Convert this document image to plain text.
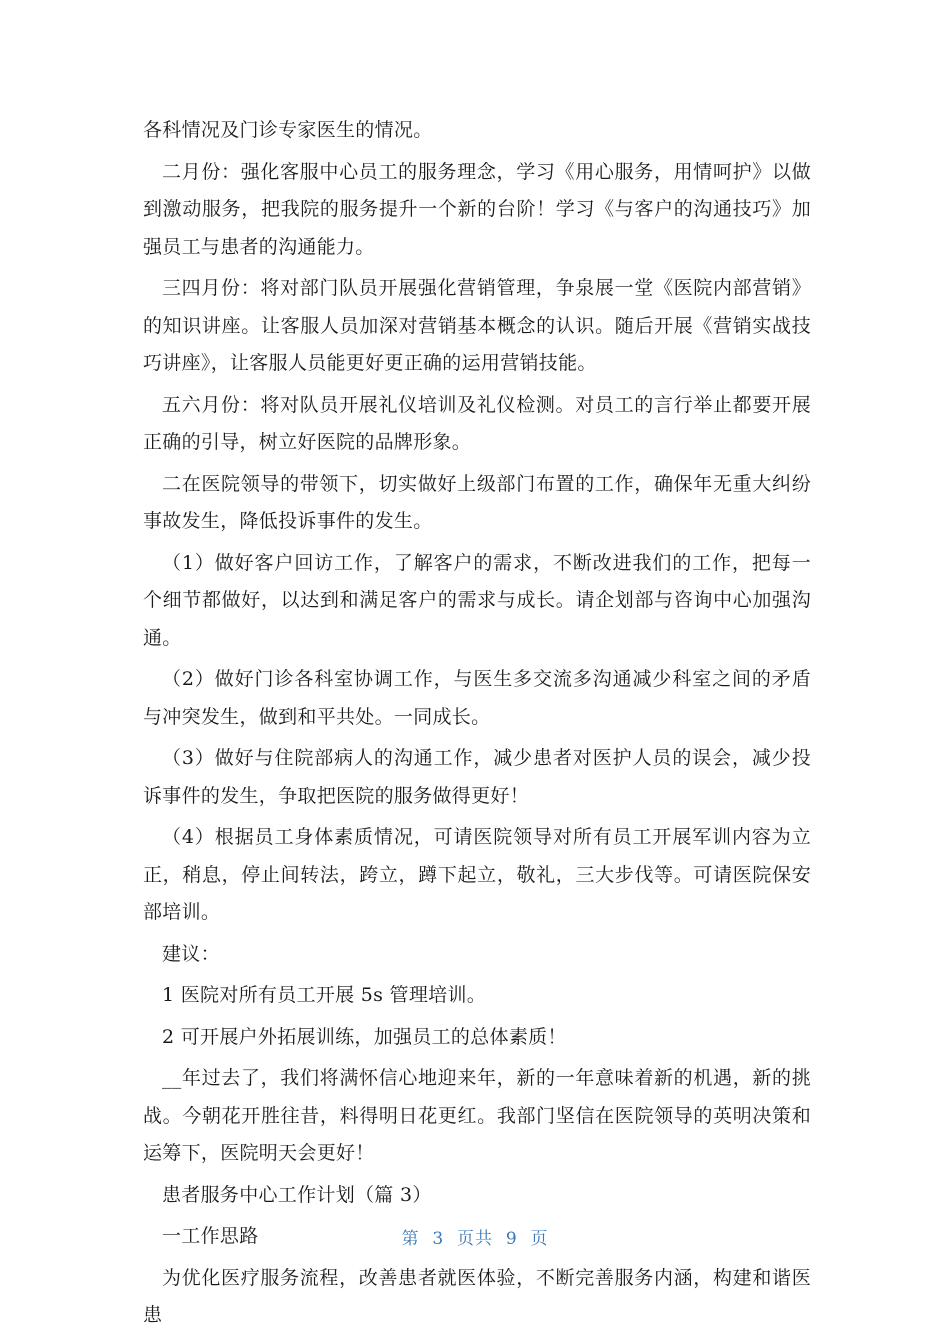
各科情况及门诊专家医生的情况。

二月份：强化客服中心员工的服务理念，学习《用心服务，用情呵护》以做到激动服务，把我院的服务提升一个新的台阶！学习《与客户的沟通技巧》加强员工与患者的沟通能力。

三四月份：将对部门队员开展强化营销管理，争泉展一堂《医院内部营销》的知识讲座。让客服人员加深对营销基本概念的认识。随后开展《营销实战技巧讲座》，让客服人员能更好更正确的运用营销技能。

五六月份：将对队员开展礼仪培训及礼仪检测。对员工的言行举止都要开展正确的引导，树立好医院的品牌形象。

二在医院领导的带领下，切实做好上级部门布置的工作，确保年无重大纠纷事故发生，降低投诉事件的发生。

（1）做好客户回访工作，了解客户的需求，不断改进我们的工作，把每一个细节都做好，以达到和满足客户的需求与成长。请企划部与咨询中心加强沟通。

（2）做好门诊各科室协调工作，与医生多交流多沟通减少科室之间的矛盾与冲突发生，做到和平共处。一同成长。

（3）做好与住院部病人的沟通工作，减少患者对医护人员的误会，减少投诉事件的发生，争取把医院的服务做得更好！

（4）根据员工身体素质情况，可请医院领导对所有员工开展军训内容为立正，稍息，停止间转法，跨立，蹲下起立，敬礼，三大步伐等。可请医院保安部培训。

建议：

1 医院对所有员工开展 5s 管理培训。

2 可开展户外拓展训练，加强员工的总体素质！

__年过去了，我们将满怀信心地迎来年，新的一年意味着新的机遇，新的挑战。今朝花开胜往昔，料得明日花更红。我部门坚信在医院领导的英明决策和运筹下，医院明天会更好！

患者服务中心工作计划（篇 3）

一工作思路

为优化医疗服务流程，改善患者就医体验，不断完善服务内涵，构建和谐医患

第 3 页共 9 页
